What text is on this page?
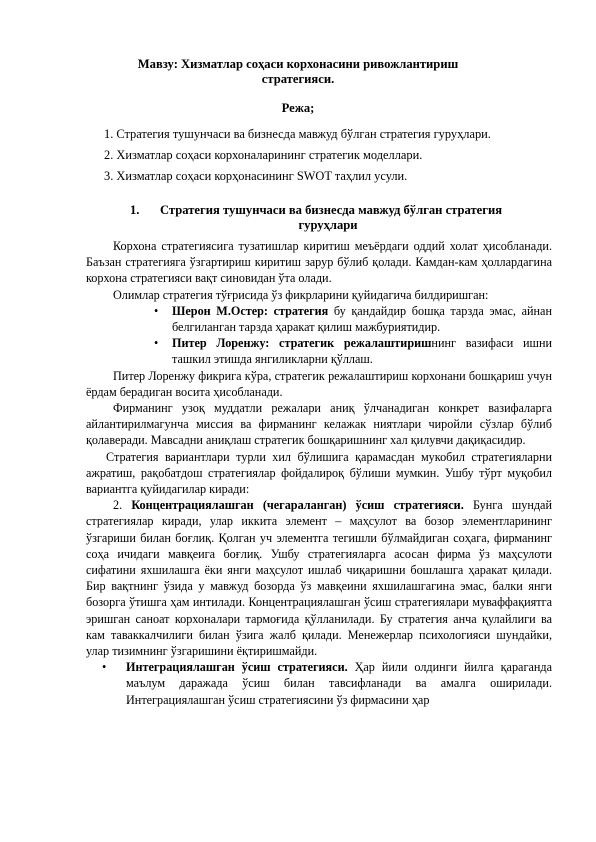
Мавзу: Хизматлар соҳаси корхонасини ривожлантириш
стратегияси.
Режа;
1. Стратегия тушунчаси ва бизнесда мавжуд бўлган стратегия гуруҳлари.
2. Хизматлар соҳаси корхоналарининг стратегик моделлари.
3. Хизматлар соҳаси корҳонасининг SWOT таҳлил усули.
1. Стратегия тушунчаси ва бизнесда мавжуд бўлган стратегия
гуруҳлари

Корхона стратегиясига тузатишлар киритиш меъёрдаги оддий холат ҳисобланади. Баъзан стратегияга ўзгартириш киритиш зарур бўлиб қолади. Камдан-кам ҳоллардагина корхона стратегияси вақт синовидан ўта олади.

Олимлар стратегия тўғрисида ўз фикрларини қуйидагича билдиришган:

• Шерон М.Остер: стратегия бу қандайдир бошқа тарзда эмас, айнан белгиланган тарзда ҳаракат қилиш мажбуриятидир.
• Питер Лоренжу: стратегик режалаштиришнинг вазифаси ишни ташкил этишда янгиликларни қўллаш.

Питер Лоренжу фикрига кўра, стратегик режалаштириш корхонани бошқариш учун ёрдам берадиган восита ҳисобланади.

Фирманинг узоқ муддатли режалари аниқ ўлчанадиган конкрет вазифаларга айлантирилмагунча миссия ва фирманинг келажак ниятлари чиройли сўзлар бўлиб қолаверади. Мавсадни аниқлаш стратегик бошқаришнинг хал қилувчи дақиқасидир.

Стратегия вариантлари турли хил бўлишига қарамасдан мукобил стратегияларни ажратиш, рақобатдош стратегиялар фойдалироқ бўлиши мумкин. Ушбу тўрт муқобил вариантга қуйидагилар киради:

2. Концентрациялашган (чегараланган) ўсиш стратегияси. Бунга шундай стратегиялар киради, улар иккита элемент – маҳсулот ва бозор элементларининг ўзгариши билан боғлиқ. Қолган уч элементга тегишли бўлмайдиган соҳага, фирманинг соҳа ичидаги мавқеига боғлиқ. Ушбу стратегияларга асосан фирма ўз маҳсулоти сифатини яхшилашга ёки янги маҳсулот ишлаб чиқаришни бошлашга ҳаракат қилади. Бир вақтнинг ўзида у мавжуд бозорда ўз мавқеини яхшилашгагина эмас, балки янги бозорга ўтишга ҳам интилади. Концентрациялашган ўсиш стратегиялари муваффақиятга эришган саноат корхоналари тармоғида қўлланилади. Бу стратегия анча қулайлиги ва кам таваккалчилиги билан ўзига жалб қилади. Менежерлар психологияси шундайки, улар тизимнинг ўзгаришини ёқтиришмайди.

• Интеграциялашган ўсиш стратегияси. Ҳар йили олдинги йилга қараганда маълум даражада ўсиш билан тавсифланади ва амалга оширилади. Интеграциялашган ўсиш стратегиясини ўз фирмасини ҳар
